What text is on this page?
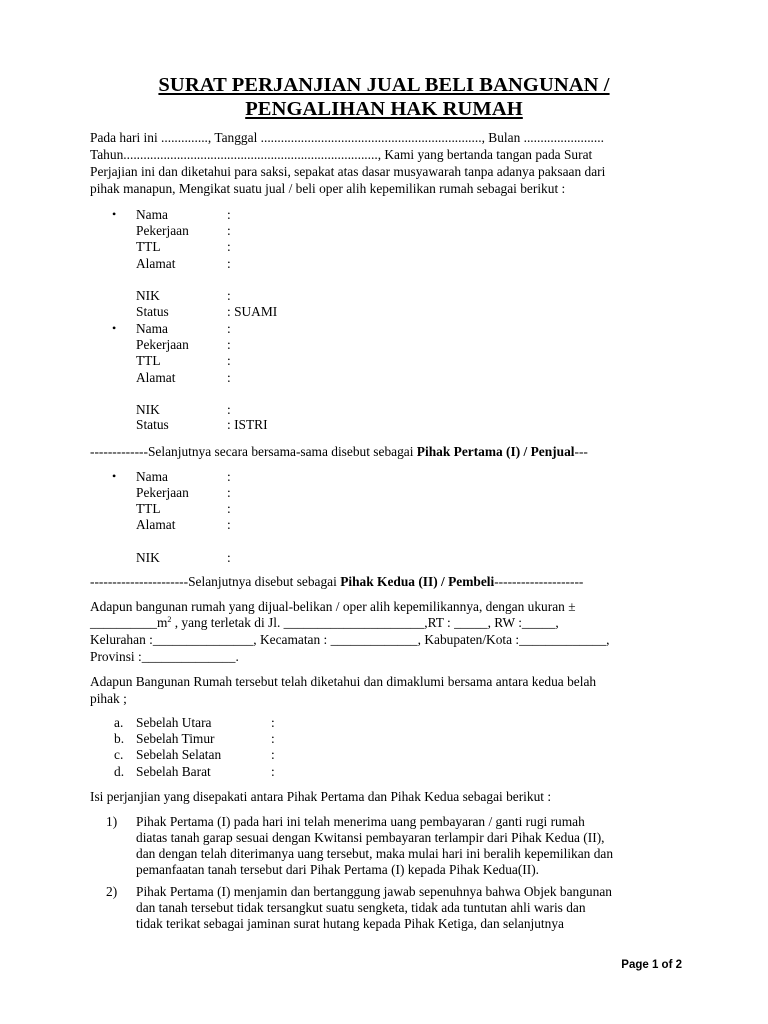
SURAT PERJANJIAN JUAL BELI BANGUNAN /
PENGALIHAN HAK RUMAH
Pada hari ini .............., Tanggal .................................................................., Bulan ........................
Tahun............................................................................, Kami yang bertanda tangan pada Surat
Perjajian ini dan diketahui para saksi, sepakat atas dasar musyawarah tanpa adanya paksaan dari
pihak manapun, Mengikat suatu jual / beli oper alih kepemilikan rumah sebagai berikut :
• Nama	:
Pekerjaan	:
TTL	:
Alamat	:
NIK	:
Status	: SUAMI
• Nama	:
Pekerjaan	:
TTL	:
Alamat	:
NIK	:
Status	: ISTRI
-------------Selanjutnya secara bersama-sama disebut sebagai Pihak Pertama (I) / Penjual---
• Nama	:
Pekerjaan	:
TTL	:
Alamat	:
NIK	:
----------------------Selanjutnya disebut sebagai Pihak Kedua (II) / Pembeli--------------------
Adapun bangunan rumah yang dijual-belikan / oper alih kepemilikannya, dengan ukuran ±
$\_\_\_\_\_\_\_\_\_\_m^2$ , yang terletak di Jl. _____________________,RT : _____, RW :_____,
Kelurahan :_______________, Kecamatan : _____________, Kabupaten/Kota :_____________,
Provinsi :______________.
Adapun Bangunan Rumah tersebut telah diketahui dan dimaklumi bersama antara kedua belah
pihak ;
a. Sebelah Utara	:
b. Sebelah Timur	:
c. Sebelah Selatan	:
d. Sebelah Barat	:
Isi perjanjian yang disepakati antara Pihak Pertama dan Pihak Kedua sebagai berikut :
1) Pihak Pertama (I) pada hari ini telah menerima uang pembayaran / ganti rugi rumah
diatas tanah garap sesuai dengan Kwitansi pembayaran terlampir dari Pihak Kedua (II),
dan dengan telah diterimanya uang tersebut, maka mulai hari ini beralih kepemilikan dan
pemanfaatan tanah tersebut dari Pihak Pertama (I) kepada Pihak Kedua(II).
2) Pihak Pertama (I) menjamin dan bertanggung jawab sepenuhnya bahwa Objek bangunan
dan tanah tersebut tidak tersangkut suatu sengketa, tidak ada tuntutan ahli waris dan
tidak terikat sebagai jaminan surat hutang kepada Pihak Ketiga, dan selanjutnya
Page 1 of 2
